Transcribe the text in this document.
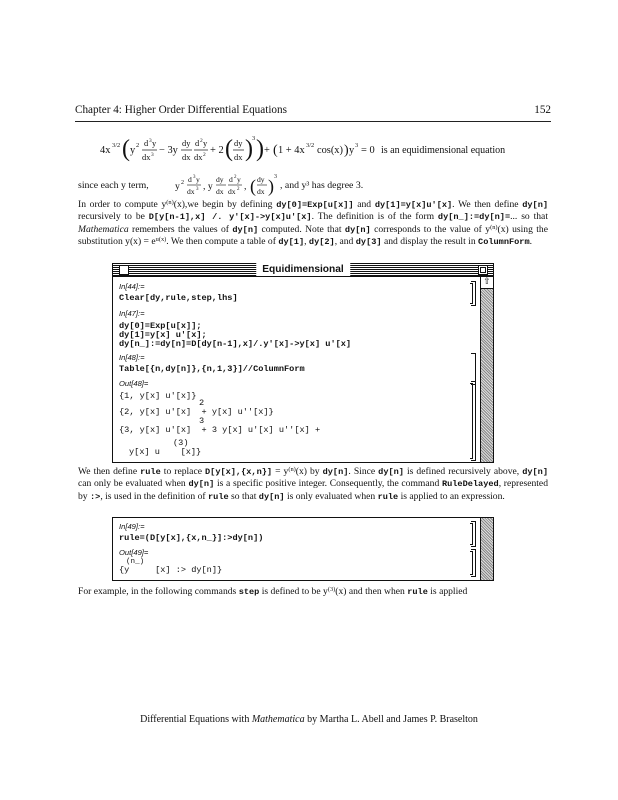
Chapter 4: Higher Order Differential Equations	152
4x 3/2 ( y 2 d 3 y
dx 3 − 3y
dy
dx
d 2 y
dx 2 + 2 ( dy
dx ) 3 ) + ( 1 + 4x 3/2 cos(x) ) y 3 = 0 is an equidimensional equation
since each y term,	y 2 d 3 y
dx 3 , y
dy
dx
d 2 y
dx 2 , ( dy
dx ) 3
, and y³ has degree 3.

In order to compute $y^{(n)}(x),we$ begin by defining dy[0]=Exp[u[x]] and dy[1]=y[x]u'[x]. We then define dy[n] recursively to be D[y[n-1],x] /. y'[x]->y[x]u'[x]. The definition is of the form dy[n_]:=dy[n]=... so that Mathematica remembers the values of dy[n] computed. Note that dy[n] corresponds to the value of $y^{(n)}(x)$ using the substitution $y(x) = e^{u(x)}$. We then compute a table of dy[1], dy[2], and dy[3] and display the result in ColumnForm.

Equidimensional
⇧
In[44]:=
Clear[dy,rule,step,lhs]
In[47]:=
dy[0]=Exp[u[x]];
dy[1]=y[x] u'[x];
dy[n_]:=dy[n]=D[dy[n-1],x]/.y'[x]->y[x] u'[x]
In[48]:=
Table[{n,dy[n]},{n,1,3}]//ColumnForm
Out[48]=
{1, y[x] u'[x]}
2
{2, y[x] u'[x]  + y[x] u''[x]}
3
{3, y[x] u'[x]  + 3 y[x] u'[x] u''[x] +
(3)
y[x] u    [x]}

We then define rule to replace $D[y[x],\{x,n\}] = y^{(n)}(x)$ by dy[n]. Since dy[n] is defined recursively above, dy[n] can only be evaluated when dy[n] is a specific positive integer. Consequently, the command RuleDelayed, represented by :>, is used in the definition of rule so that dy[n] is only evaluated when rule is applied to an expression.

In[49]:=
rule=(D[y[x],{x,n_}]:>dy[n])
Out[49]=
(n_)
{y     [x] :> dy[n]}

For example, in the following commands step is defined to be $y^{(3)}(x)$ and then when rule is applied

Differential Equations with Mathematica by Martha L. Abell and James P. Braselton
